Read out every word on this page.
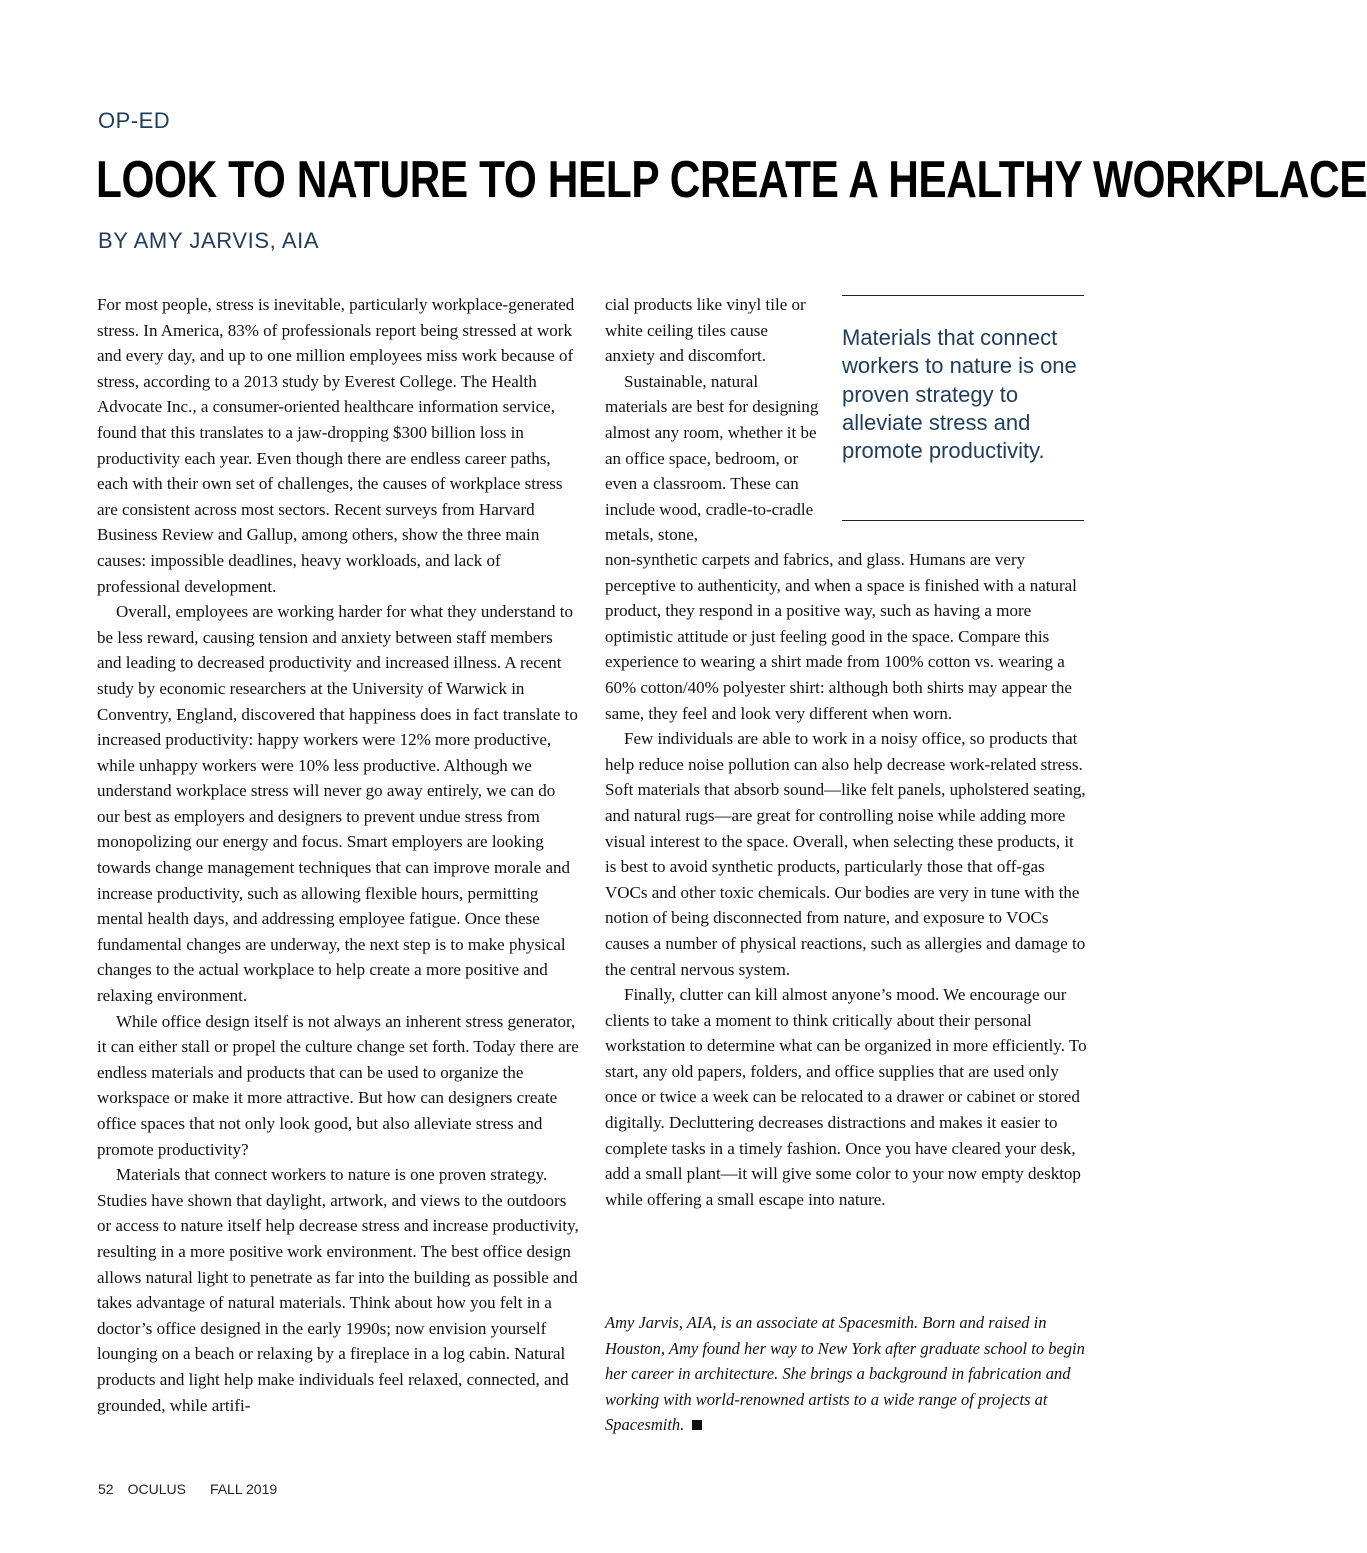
OP-ED
LOOK TO NATURE TO HELP CREATE A HEALTHY WORKPLACE
BY AMY JARVIS, AIA

For most people, stress is inevitable, particularly workplace-generated stress. In America, 83% of professionals report being stressed at work and every day, and up to one million employees miss work because of stress, according to a 2013 study by Everest College. The Health Advocate Inc., a consumer-oriented healthcare information service, found that this translates to a jaw-dropping $300 billion loss in productivity each year. Even though there are endless career paths, each with their own set of challenges, the causes of workplace stress are consistent across most sectors. Recent surveys from Harvard Business Review and Gallup, among others, show the three main causes: impossible deadlines, heavy workloads, and lack of professional development.

Overall, employees are working harder for what they understand to be less reward, causing tension and anxiety between staff members and leading to decreased productivity and increased illness. A recent study by economic researchers at the University of Warwick in Conventry, England, discovered that happiness does in fact translate to increased productivity: happy workers were 12% more productive, while unhappy workers were 10% less productive. Although we understand workplace stress will never go away entirely, we can do our best as employers and designers to prevent undue stress from monopolizing our energy and focus. Smart employers are looking towards change management techniques that can improve morale and increase productivity, such as allowing flexible hours, permitting mental health days, and addressing employee fatigue. Once these fundamental changes are underway, the next step is to make physical changes to the actual workplace to help create a more positive and relaxing environment.

While office design itself is not always an inherent stress generator, it can either stall or propel the culture change set forth. Today there are endless materials and products that can be used to organize the workspace or make it more attractive. But how can designers create office spaces that not only look good, but also alleviate stress and promote productivity?

Materials that connect workers to nature is one proven strategy. Studies have shown that daylight, artwork, and views to the outdoors or access to nature itself help decrease stress and increase productivity, resulting in a more positive work environment. The best office design allows natural light to penetrate as far into the building as possible and takes advantage of natural materials. Think about how you felt in a doctor’s office designed in the early 1990s; now envision yourself lounging on a beach or relaxing by a fireplace in a log cabin. Natural products and light help make individuals feel relaxed, connected, and grounded, while artifi-

cial products like vinyl tile or white ceiling tiles cause anxiety and discomfort.

Sustainable, natural materials are best for designing almost any room, whether it be an office space, bedroom, or even a classroom. These can include wood, cradle-to-cradle metals, stone,

Materials that connect workers to nature is one proven strategy to alleviate stress and promote productivity.

non-synthetic carpets and fabrics, and glass. Humans are very perceptive to authenticity, and when a space is finished with a natural product, they respond in a positive way, such as having a more optimistic attitude or just feeling good in the space. Compare this experience to wearing a shirt made from 100% cotton vs. wearing a 60% cotton/40% polyester shirt: although both shirts may appear the same, they feel and look very different when worn.

Few individuals are able to work in a noisy office, so products that help reduce noise pollution can also help decrease work-related stress. Soft materials that absorb sound—like felt panels, upholstered seating, and natural rugs—are great for controlling noise while adding more visual interest to the space. Overall, when selecting these products, it is best to avoid synthetic products, particularly those that off-gas VOCs and other toxic chemicals. Our bodies are very in tune with the notion of being disconnected from nature, and exposure to VOCs causes a number of physical reactions, such as allergies and damage to the central nervous system.

Finally, clutter can kill almost anyone’s mood. We encourage our clients to take a moment to think critically about their personal workstation to determine what can be organized in more efficiently. To start, any old papers, folders, and office supplies that are used only once or twice a week can be relocated to a drawer or cabinet or stored digitally. Decluttering decreases distractions and makes it easier to complete tasks in a timely fashion. Once you have cleared your desk, add a small plant—it will give some color to your now empty desktop while offering a small escape into nature.

Amy Jarvis, AIA, is an associate at Spacesmith. Born and raised in Houston, Amy found her way to New York after graduate school to begin her career in architecture. She brings a background in fabrication and working with world-renowned artists to a wide range of projects at Spacesmith.
52 OCULUS FALL 2019
